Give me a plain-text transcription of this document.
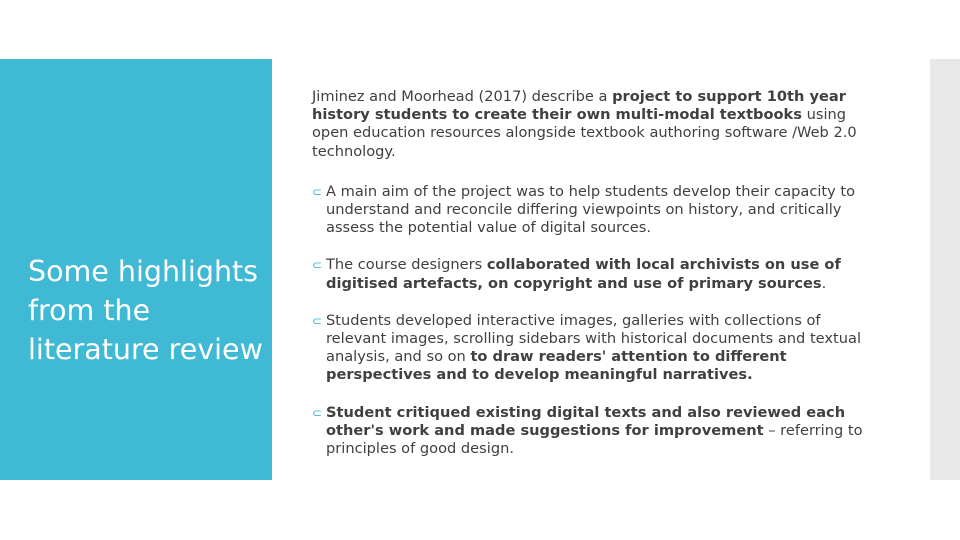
Some highlights from the literature review

Jiminez and Moorhead (2017) describe a project to support 10th year history students to create their own multi-modal textbooks using open education resources alongside textbook authoring software /Web 2.0 technology.

⊂ A main aim of the project was to help students develop their capacity to understand and reconcile differing viewpoints on history, and critically assess the potential value of digital sources.

⊂ The course designers collaborated with local archivists on use of digitised artefacts, on copyright and use of primary sources.

⊂ Students developed interactive images, galleries with collections of relevant images, scrolling sidebars with historical documents and textual analysis, and so on to draw readers' attention to different perspectives and to develop meaningful narratives.

⊂ Student critiqued existing digital texts and also reviewed each other's work and made suggestions for improvement – referring to principles of good design.
